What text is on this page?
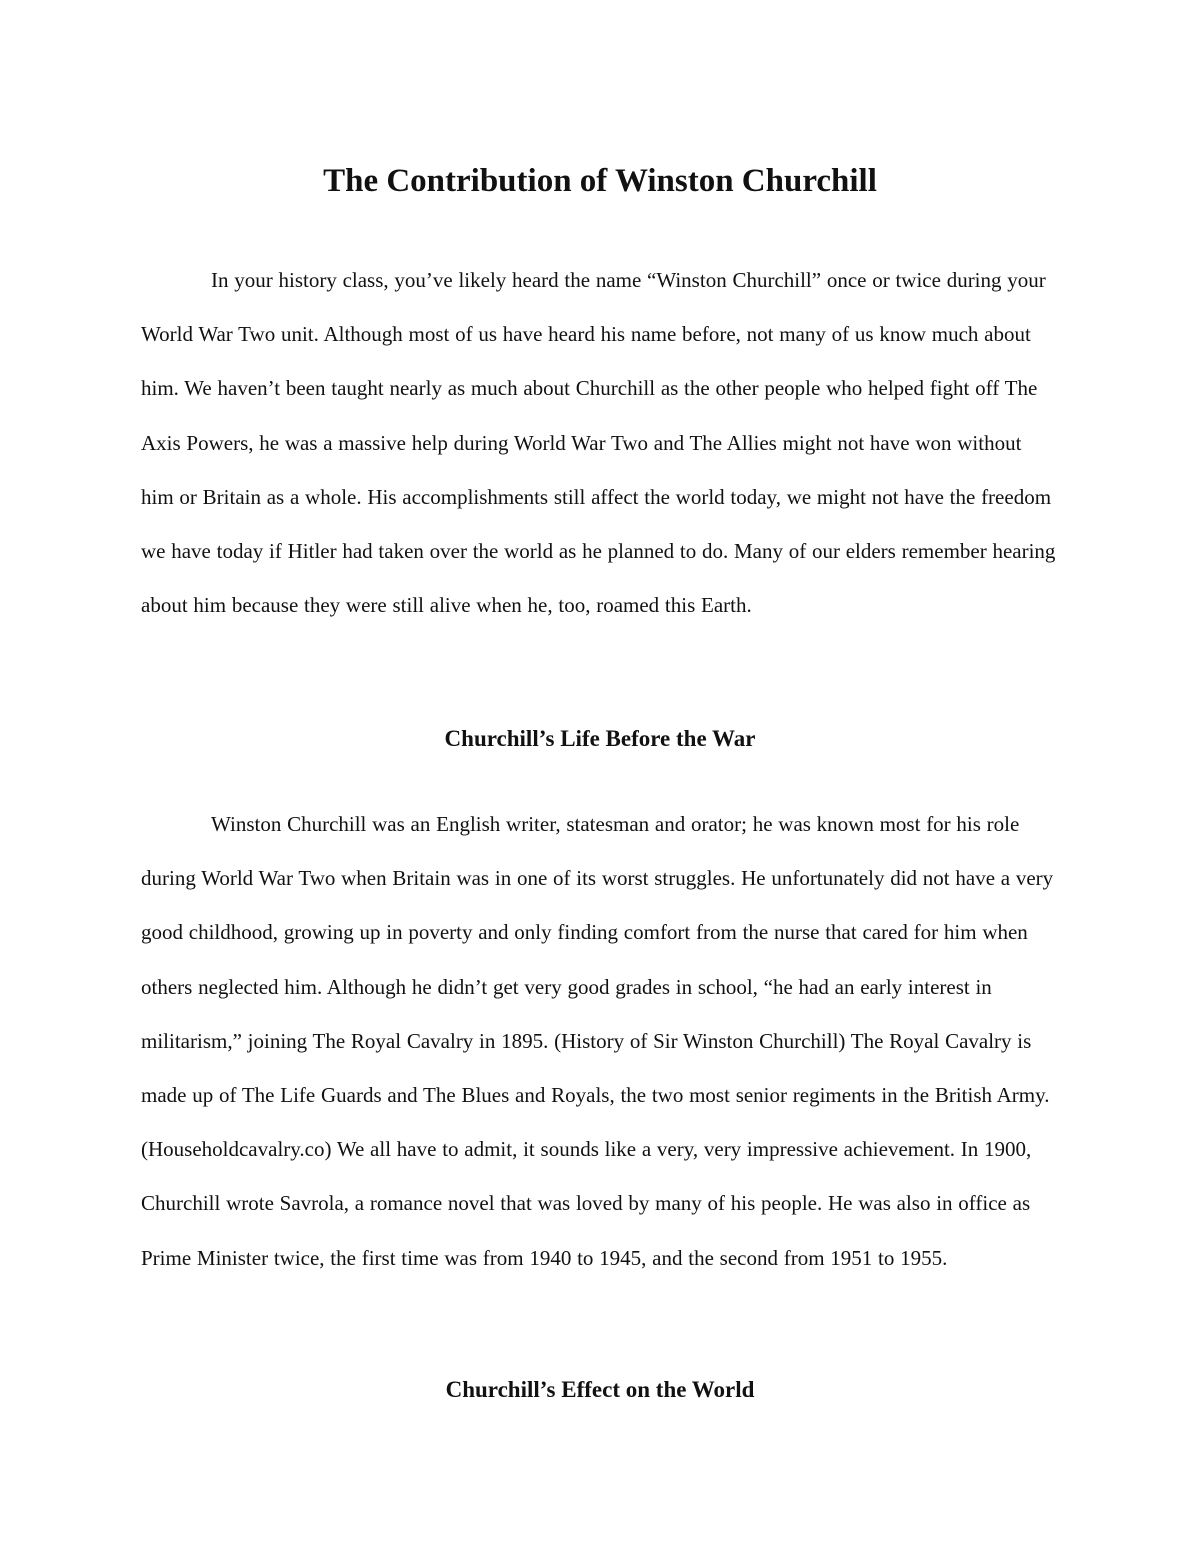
The Contribution of Winston Churchill

In your history class, you’ve likely heard the name “Winston Churchill” once or twice during your World War Two unit. Although most of us have heard his name before, not many of us know much about him. We haven’t been taught nearly as much about Churchill as the other people who helped fight off The Axis Powers, he was a massive help during World War Two and The Allies might not have won without him or Britain as a whole. His accomplishments still affect the world today, we might not have the freedom we have today if Hitler had taken over the world as he planned to do. Many of our elders remember hearing about him because they were still alive when he, too, roamed this Earth.

Churchill’s Life Before the War

Winston Churchill was an English writer, statesman and orator; he was known most for his role during World War Two when Britain was in one of its worst struggles. He unfortunately did not have a very good childhood, growing up in poverty and only finding comfort from the nurse that cared for him when others neglected him. Although he didn’t get very good grades in school, “he had an early interest in militarism,” joining The Royal Cavalry in 1895. (History of Sir Winston Churchill) The Royal Cavalry is made up of The Life Guards and The Blues and Royals, the two most senior regiments in the British Army. (Householdcavalry.co) We all have to admit, it sounds like a very, very impressive achievement. In 1900, Churchill wrote Savrola, a romance novel that was loved by many of his people. He was also in office as Prime Minister twice, the first time was from 1940 to 1945, and the second from 1951 to 1955.

Churchill’s Effect on the World
